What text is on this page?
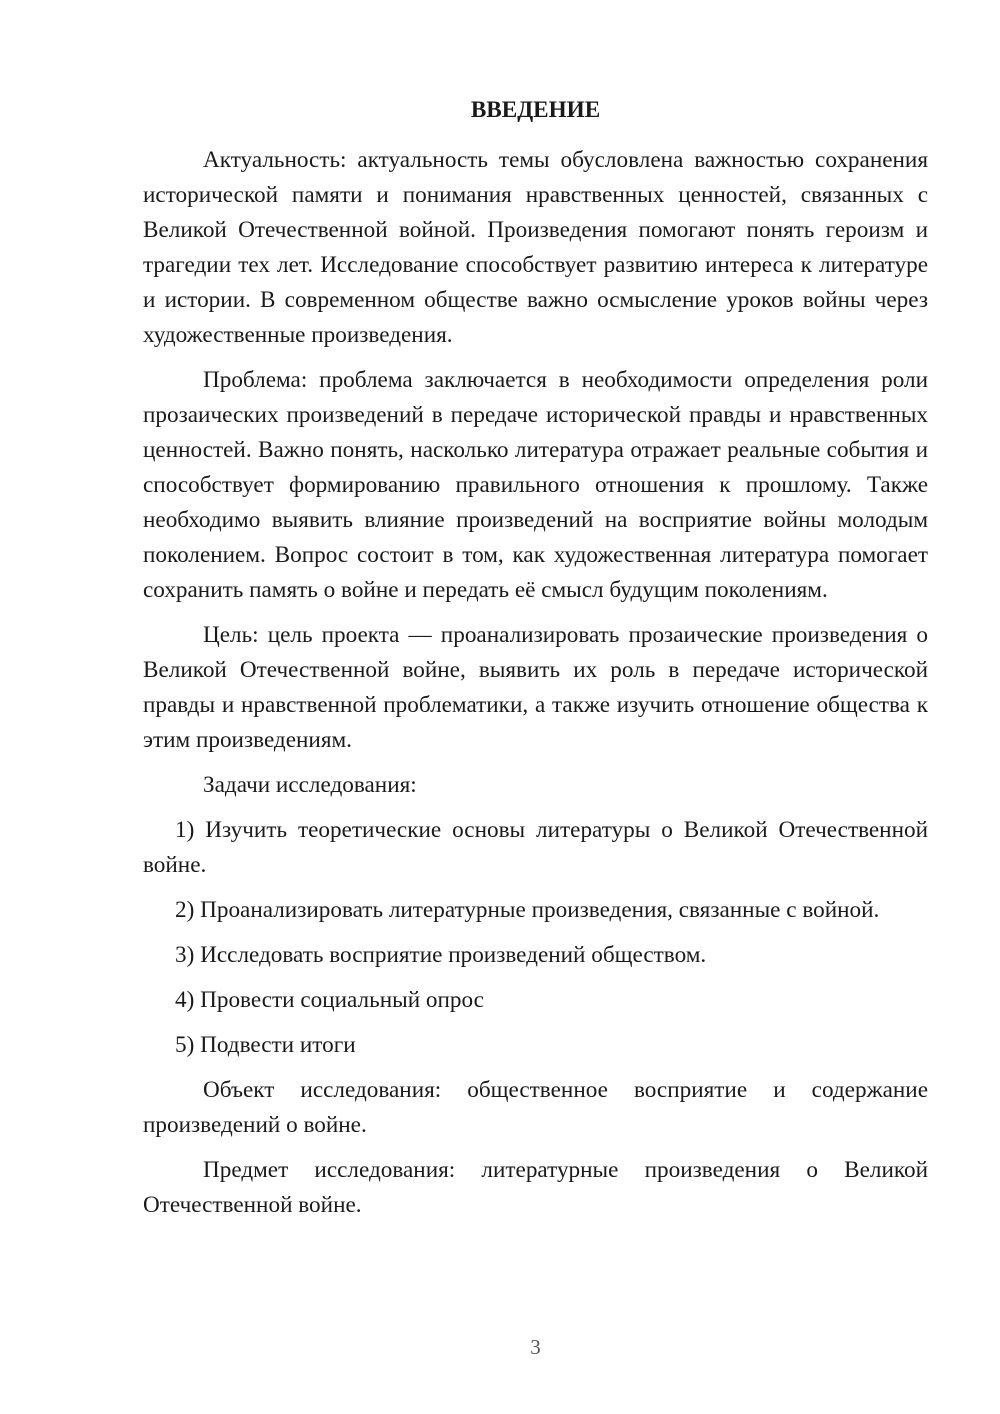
ВВЕДЕНИЕ

Актуальность: актуальность темы обусловлена важностью сохранения исторической памяти и понимания нравственных ценностей, связанных с Великой Отечественной войной. Произведения помогают понять героизм и трагедии тех лет. Исследование способствует развитию интереса к литературе и истории. В современном обществе важно осмысление уроков войны через художественные произведения.

Проблема: проблема заключается в необходимости определения роли прозаических произведений в передаче исторической правды и нравственных ценностей. Важно понять, насколько литература отражает реальные события и способствует формированию правильного отношения к прошлому. Также необходимо выявить влияние произведений на восприятие войны молодым поколением. Вопрос состоит в том, как художественная литература помогает сохранить память о войне и передать её смысл будущим поколениям.

Цель: цель проекта — проанализировать прозаические произведения о Великой Отечественной войне, выявить их роль в передаче исторической правды и нравственной проблематики, а также изучить отношение общества к этим произведениям.

Задачи исследования:

1) Изучить теоретические основы литературы о Великой Отечественной войне.

2) Проанализировать литературные произведения, связанные с войной.

3) Исследовать восприятие произведений обществом.

4) Провести социальный опрос

5) Подвести итоги

Объект исследования: общественное восприятие и содержание произведений о войне.

Предмет исследования: литературные произведения о Великой Отечественной войне.

3
